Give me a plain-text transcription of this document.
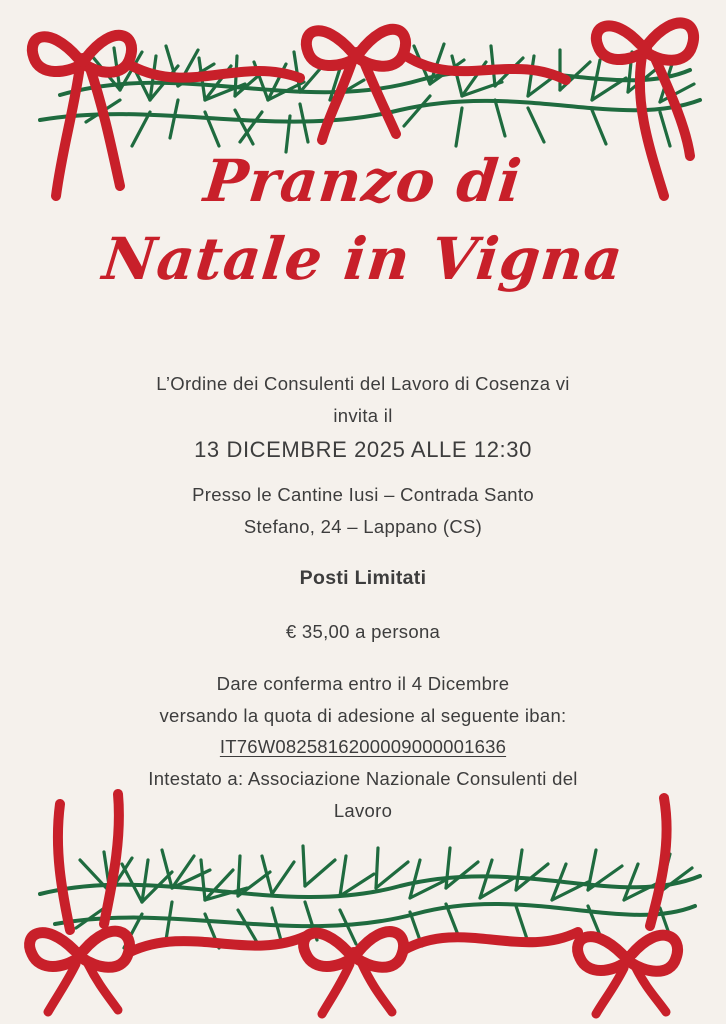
Pranzo di
Natale in Vigna
L’Ordine dei Consulenti del Lavoro di Cosenza vi
invita il
13 DICEMBRE 2025 ALLE 12:30
Presso le Cantine Iusi – Contrada Santo
Stefano, 24 – Lappano (CS)
Posti Limitati
€ 35,00 a persona
Dare conferma entro il 4 Dicembre
versando la quota di adesione al seguente iban:
IT76W0825816200009000001636
Intestato a: Associazione Nazionale Consulenti del
Lavoro
